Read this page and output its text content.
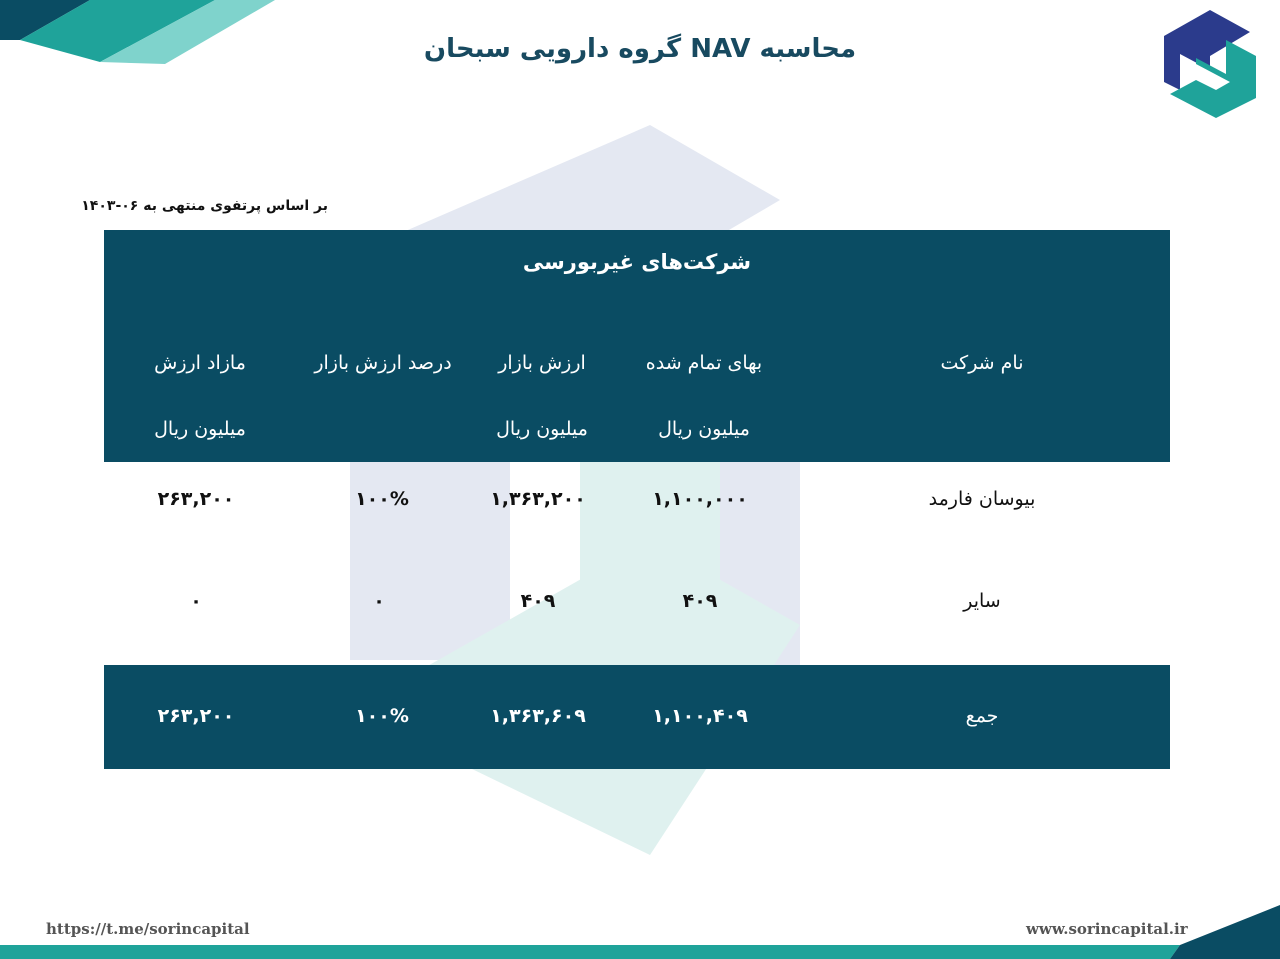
محاسبه NAV گروه دارویی سبحان
بر اساس پرتفوی منتهی به ۰۶-۱۴۰۳
شرکت‌های غیربورسی
نام شرکت
بهای تمام شده
ارزش بازار
درصد ارزش بازار
مازاد ارزش
میلیون ریال
میلیون ریال
میلیون ریال
بیوسان فارمد
۱,۱۰۰,۰۰۰
۱,۳۶۳,۲۰۰
۱۰۰%
۲۶۳,۲۰۰
سایر
۴۰۹
۴۰۹
۰
۰
جمع
۱,۱۰۰,۴۰۹
۱,۳۶۳,۶۰۹
۱۰۰%
۲۶۳,۲۰۰
https://t.me/sorincapital	www.sorincapital.ir
